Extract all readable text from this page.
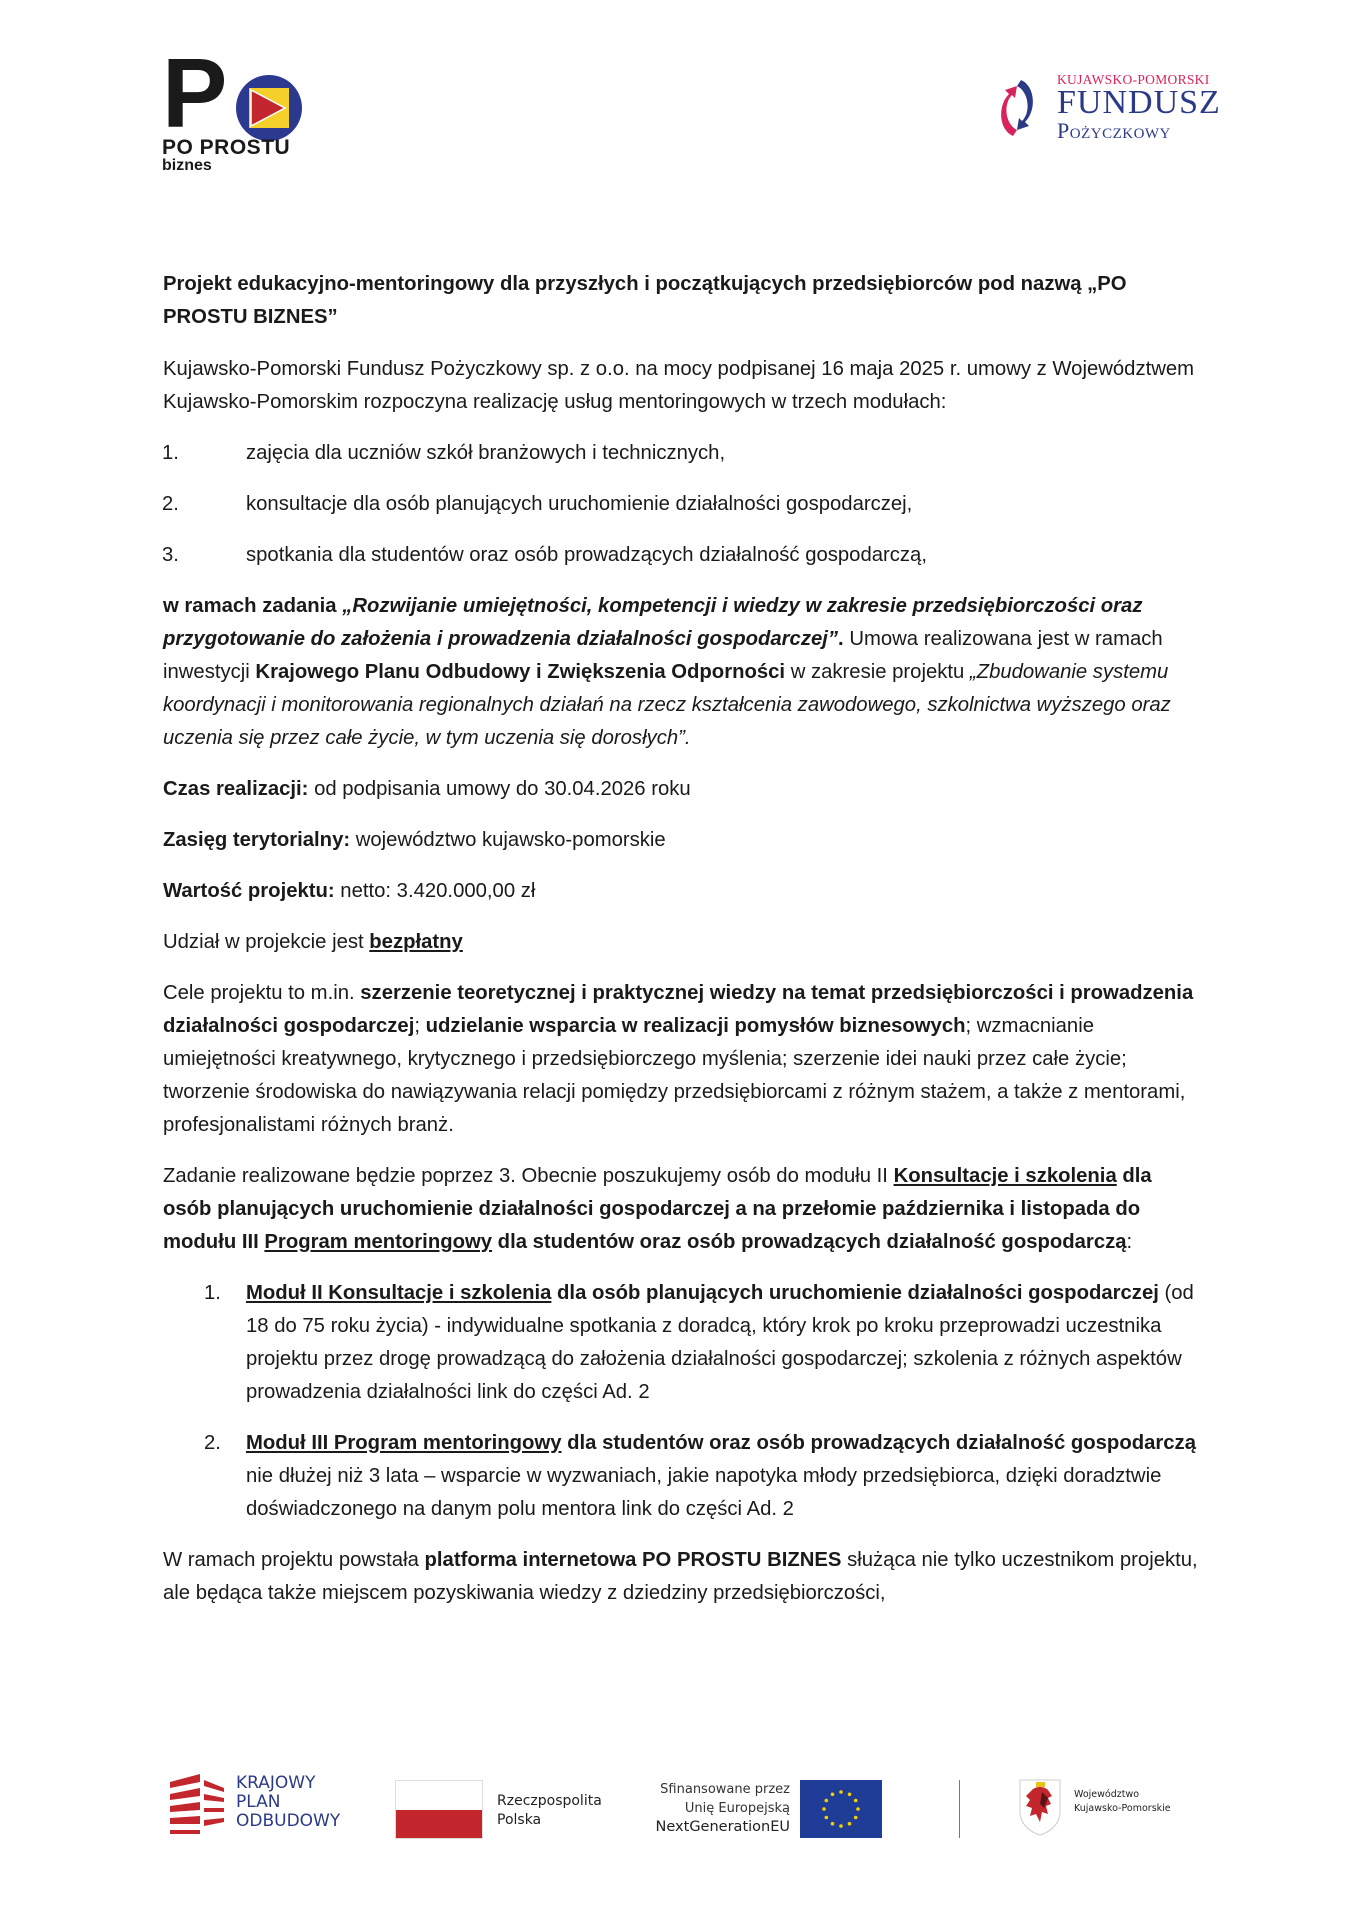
P
PO PROSTU
biznes
KUJAWSKO-POMORSKI
FUNDUSZ
Pożyczkowy

Projekt edukacyjno-mentoringowy dla przyszłych i początkujących przedsiębiorców pod nazwą „PO PROSTU BIZNES”

Kujawsko-Pomorski Fundusz Pożyczkowy sp. z o.o. na mocy podpisanej 16 maja 2025 r. umowy z Województwem Kujawsko-Pomorskim rozpoczyna realizację usług mentoringowych w trzech modułach:

1.	zajęcia dla uczniów szkół branżowych i technicznych,
2.	konsultacje dla osób planujących uruchomienie działalności gospodarczej,
3.	spotkania dla studentów oraz osób prowadzących działalność gospodarczą,

w ramach zadania „Rozwijanie umiejętności, kompetencji i wiedzy w zakresie przedsiębiorczości oraz przygotowanie do założenia i prowadzenia działalności gospodarczej”. Umowa realizowana jest w ramach inwestycji Krajowego Planu Odbudowy i Zwiększenia Odporności w zakresie projektu „Zbudowanie systemu koordynacji i monitorowania regionalnych działań na rzecz kształcenia zawodowego, szkolnictwa wyższego oraz uczenia się przez całe życie, w tym uczenia się dorosłych”.

Czas realizacji: od podpisania umowy do 30.04.2026 roku

Zasięg terytorialny: województwo kujawsko-pomorskie

Wartość projektu: netto: 3.420.000,00 zł

Udział w projekcie jest bezpłatny

Cele projektu to m.in. szerzenie teoretycznej i praktycznej wiedzy na temat przedsiębiorczości i prowadzenia działalności gospodarczej; udzielanie wsparcia w realizacji pomysłów biznesowych; wzmacnianie umiejętności kreatywnego, krytycznego i przedsiębiorczego myślenia; szerzenie idei nauki przez całe życie; tworzenie środowiska do nawiązywania relacji pomiędzy przedsiębiorcami z różnym stażem, a także z mentorami, profesjonalistami różnych branż.

Zadanie realizowane będzie poprzez 3. Obecnie poszukujemy osób do modułu II Konsultacje i szkolenia dla osób planujących uruchomienie działalności gospodarczej a na przełomie października i listopada do modułu III Program mentoringowy dla studentów oraz osób prowadzących działalność gospodarczą:

1. Moduł II Konsultacje i szkolenia dla osób planujących uruchomienie działalności gospodarczej (od 18 do 75 roku życia) - indywidualne spotkania z doradcą, który krok po kroku przeprowadzi uczestnika projektu przez drogę prowadzącą do założenia działalności gospodarczej; szkolenia z różnych aspektów prowadzenia działalności link do części Ad. 2
2. Moduł III Program mentoringowy dla studentów oraz osób prowadzących działalność gospodarczą nie dłużej niż 3 lata – wsparcie w wyzwaniach, jakie napotyka młody przedsiębiorca, dzięki doradztwie doświadczonego na danym polu mentora link do części Ad. 2

W ramach projektu powstała platforma internetowa PO PROSTU BIZNES służąca nie tylko uczestnikom projektu, ale będąca także miejscem pozyskiwania wiedzy z dziedziny przedsiębiorczości,

KRAJOWY
PLAN
ODBUDOWY
Rzeczpospolita
Polska
Sfinansowane przez
Unię Europejską
NextGenerationEU
Województwo
Kujawsko-Pomorskie
